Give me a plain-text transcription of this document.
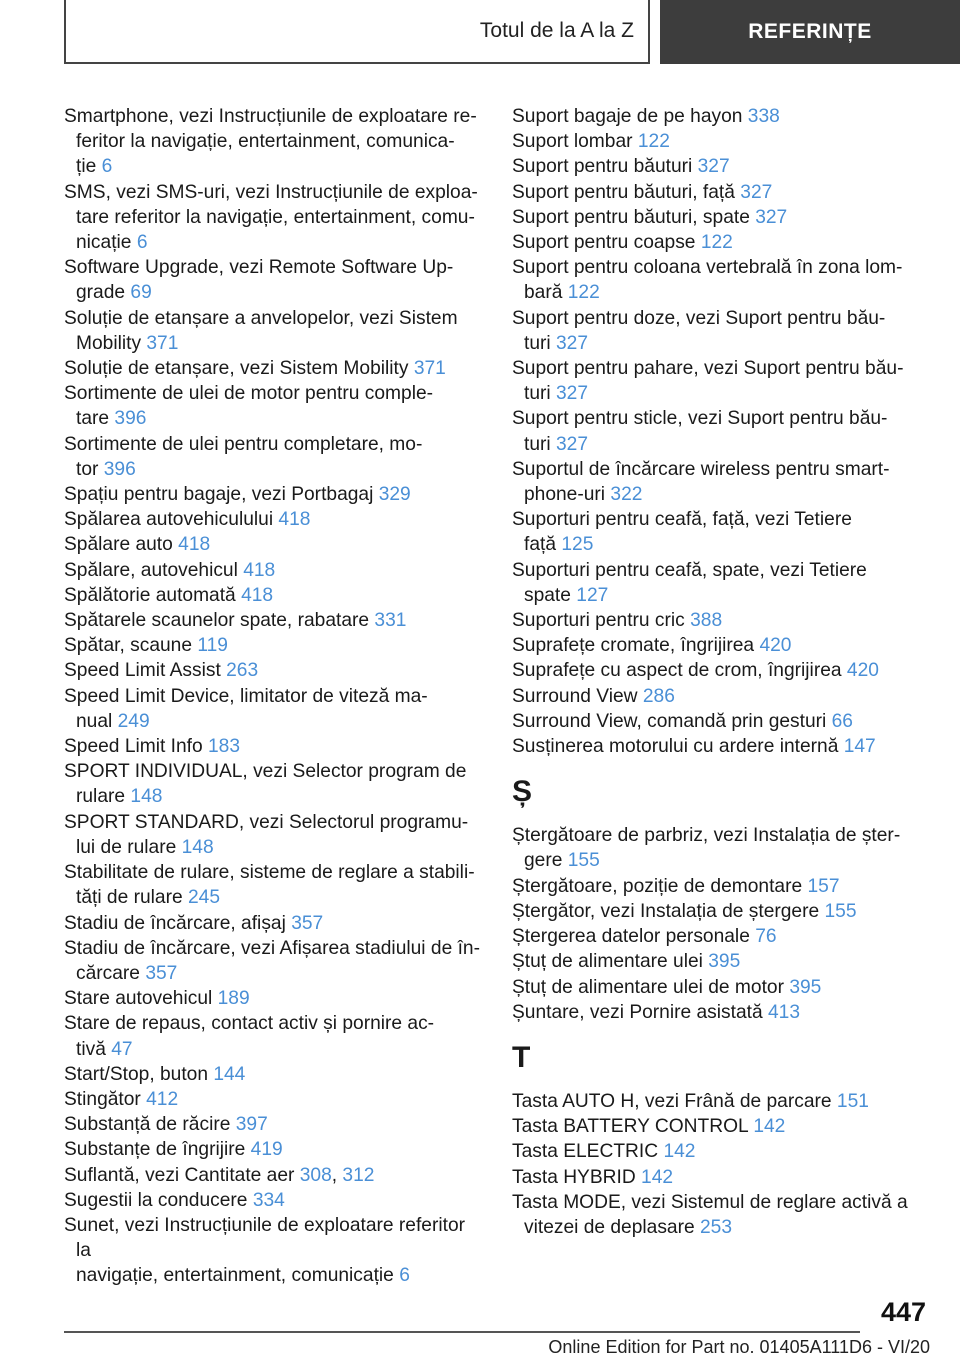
Totul de la A la Z	REFERINȚE
Smartphone, vezi Instrucțiunile de exploatare re-
feritor la navigație, entertainment, comunica-
ție 6
SMS, vezi SMS-uri, vezi Instrucțiunile de exploa-
tare referitor la navigație, entertainment, comu-
nicație 6
Software Upgrade, vezi Remote Software Up-
grade 69
Soluție de etanșare a anvelopelor, vezi Sistem
Mobility 371
Soluție de etanșare, vezi Sistem Mobility 371
Sortimente de ulei de motor pentru comple-
tare 396
Sortimente de ulei pentru completare, mo-
tor 396
Spațiu pentru bagaje, vezi Portbagaj 329
Spălarea autovehiculului 418
Spălare auto 418
Spălare, autovehicul 418
Spălătorie automată 418
Spătarele scaunelor spate, rabatare 331
Spătar, scaune 119
Speed Limit Assist 263
Speed Limit Device, limitator de viteză ma-
nual 249
Speed Limit Info 183
SPORT INDIVIDUAL, vezi Selector program de
rulare 148
SPORT STANDARD, vezi Selectorul programu-
lui de rulare 148
Stabilitate de rulare, sisteme de reglare a stabili-
tăți de rulare 245
Stadiu de încărcare, afișaj 357
Stadiu de încărcare, vezi Afișarea stadiului de în-
cărcare 357
Stare autovehicul 189
Stare de repaus, contact activ și pornire ac-
tivă 47
Start/Stop, buton 144
Stingător 412
Substanță de răcire 397
Substanțe de îngrijire 419
Suflantă, vezi Cantitate aer 308, 312
Sugestii la conducere 334
Sunet, vezi Instrucțiunile de exploatare referitor la
navigație, entertainment, comunicație 6
Suport bagaje de pe hayon 338
Suport lombar 122
Suport pentru băuturi 327
Suport pentru băuturi, față 327
Suport pentru băuturi, spate 327
Suport pentru coapse 122
Suport pentru coloana vertebrală în zona lom-
bară 122
Suport pentru doze, vezi Suport pentru bău-
turi 327
Suport pentru pahare, vezi Suport pentru bău-
turi 327
Suport pentru sticle, vezi Suport pentru bău-
turi 327
Suportul de încărcare wireless pentru smart-
phone-uri 322
Suporturi pentru ceafă, față, vezi Tetiere
față 125
Suporturi pentru ceafă, spate, vezi Tetiere
spate 127
Suporturi pentru cric 388
Suprafețe cromate, îngrijirea 420
Suprafețe cu aspect de crom, îngrijirea 420
Surround View 286
Surround View, comandă prin gesturi 66
Susținerea motorului cu ardere internă 147
Ș
Ștergătoare de parbriz, vezi Instalația de șter-
gere 155
Ștergătoare, poziție de demontare 157
Ștergător, vezi Instalația de ștergere 155
Ștergerea datelor personale 76
Ștuț de alimentare ulei 395
Ștuț de alimentare ulei de motor 395
Șuntare, vezi Pornire asistată 413
T
Tasta AUTO H, vezi Frână de parcare 151
Tasta BATTERY CONTROL 142
Tasta ELECTRIC 142
Tasta HYBRID 142
Tasta MODE, vezi Sistemul de reglare activă a
vitezei de deplasare 253
447
Online Edition for Part no. 01405A111D6 - VI/20
